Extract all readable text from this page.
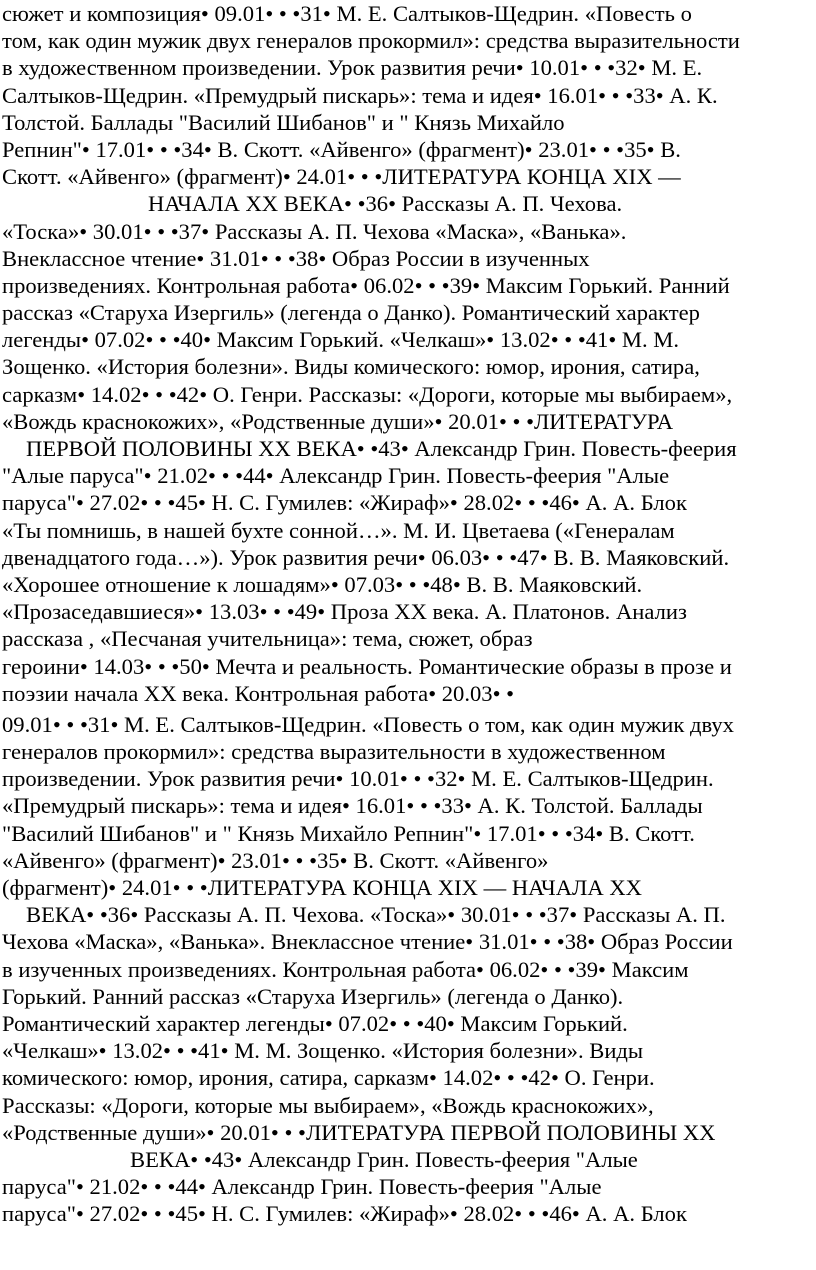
сюжет и композиция• 09.01• • •31• М. Е. Салтыков-Щедрин. «Повесть о
том, как один мужик двух генералов прокормил»: средства выразительности
в художественном произведении. Урок развития речи• 10.01• • •32• М. Е.
Салтыков-Щедрин. «Премудрый пискарь»: тема и идея• 16.01• • •33• А. К.
Толстой. Баллады "Василий Шибанов" и " Князь Михайло
Репнин"• 17.01• • •34• В. Скотт. «Айвенго» (фрагмент)• 23.01• • •35• В.
Скотт. «Айвенго» (фрагмент)• 24.01• • •ЛИТЕРАТУРА КОНЦА XIX —
НАЧАЛА XX ВЕКА• •36• Рассказы А. П. Чехова.
«Тоска»• 30.01• • •37• Рассказы А. П. Чехова «Маска», «Ванька».
Внеклассное чтение• 31.01• • •38• Образ России в изученных
произведениях. Контрольная работа• 06.02• • •39• Максим Горький. Ранний
рассказ «Старуха Изергиль» (легенда о Данко). Романтический характер
легенды• 07.02• • •40• Максим Горький. «Челкаш»• 13.02• • •41• М. М.
Зощенко. «История болезни». Виды комического: юмор, ирония, сатира,
сарказм• 14.02• • •42• О. Генри. Рассказы: «Дороги, которые мы выбираем»,
«Вождь краснокожих», «Родственные души»• 20.01• • •ЛИТЕРАТУРА
ПЕРВОЙ ПОЛОВИНЫ XX ВЕКА• •43• Александр Грин. Повесть-феерия
"Алые паруса"• 21.02• • •44• Александр Грин. Повесть-феерия "Алые
паруса"• 27.02• • •45• Н. С. Гумилев: «Жираф»• 28.02• • •46• А. А. Блок
«Ты помнишь, в нашей бухте сонной…». М. И. Цветаева («Генералам
двенадцатого года…»). Урок развития речи• 06.03• • •47• В. В. Маяковский.
«Хорошее отношение к лошадям»• 07.03• • •48• В. В. Маяковский.
«Прозаседавшиеся»• 13.03• • •49• Проза XX века. А. Платонов. Анализ
рассказа , «Песчаная учительница»: тема, сюжет, образ
героини• 14.03• • •50• Мечта и реальность. Романтические образы в прозе и
поэзии начала XX века. Контрольная работа• 20.03• •
09.01• • •31• М. Е. Салтыков-Щедрин. «Повесть о том, как один мужик двух
генералов прокормил»: средства выразительности в художественном
произведении. Урок развития речи• 10.01• • •32• М. Е. Салтыков-Щедрин.
«Премудрый пискарь»: тема и идея• 16.01• • •33• А. К. Толстой. Баллады
"Василий Шибанов" и " Князь Михайло Репнин"• 17.01• • •34• В. Скотт.
«Айвенго» (фрагмент)• 23.01• • •35• В. Скотт. «Айвенго»
(фрагмент)• 24.01• • •ЛИТЕРАТУРА КОНЦА XIX — НАЧАЛА XX
ВЕКА• •36• Рассказы А. П. Чехова. «Тоска»• 30.01• • •37• Рассказы А. П.
Чехова «Маска», «Ванька». Внеклассное чтение• 31.01• • •38• Образ России
в изученных произведениях. Контрольная работа• 06.02• • •39• Максим
Горький. Ранний рассказ «Старуха Изергиль» (легенда о Данко).
Романтический характер легенды• 07.02• • •40• Максим Горький.
«Челкаш»• 13.02• • •41• М. М. Зощенко. «История болезни». Виды
комического: юмор, ирония, сатира, сарказм• 14.02• • •42• О. Генри.
Рассказы: «Дороги, которые мы выбираем», «Вождь краснокожих»,
«Родственные души»• 20.01• • •ЛИТЕРАТУРА ПЕРВОЙ ПОЛОВИНЫ XX
ВЕКА• •43• Александр Грин. Повесть-феерия "Алые
паруса"• 21.02• • •44• Александр Грин. Повесть-феерия "Алые
паруса"• 27.02• • •45• Н. С. Гумилев: «Жираф»• 28.02• • •46• А. А. Блок
